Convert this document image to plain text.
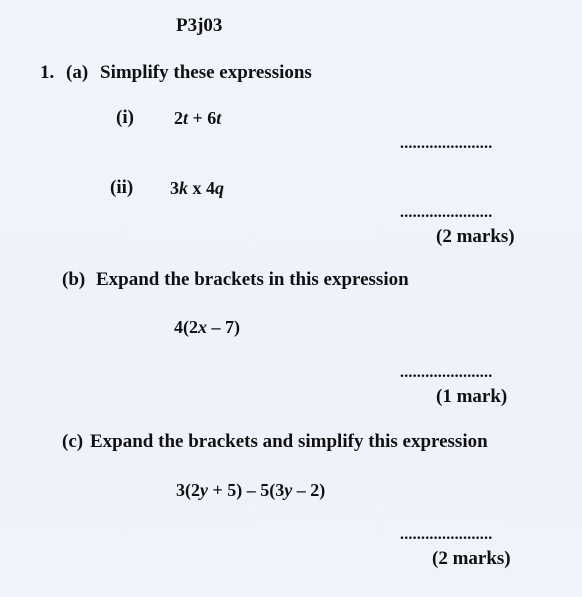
P3j03
1. (a) Simplify these expressions
(i) 2t + 6t
......................
(ii) 3k x 4q
......................
(2 marks)
(b) Expand the brackets in this expression
4(2x – 7)
......................
(1 mark)
(c) Expand the brackets and simplify this expression
3(2y + 5) – 5(3y – 2)
......................
(2 marks)
